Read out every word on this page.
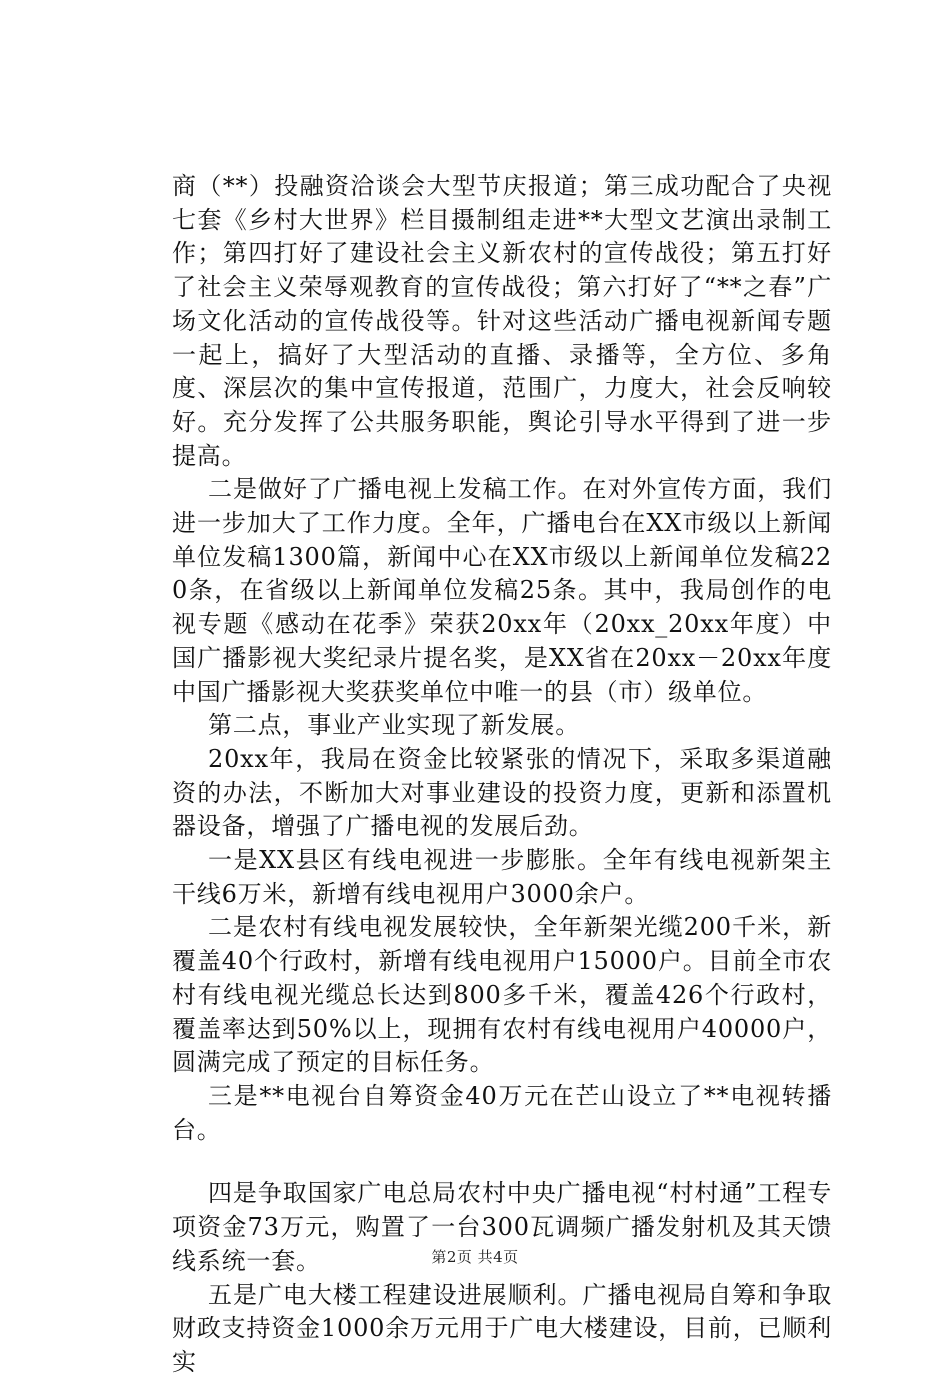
商（**）投融资洽谈会大型节庆报道；第三成功配合了央视七套《乡村大世界》栏目摄制组走进**大型文艺演出录制工作；第四打好了建设社会主义新农村的宣传战役；第五打好了社会主义荣辱观教育的宣传战役；第六打好了“**之春”广场文化活动的宣传战役等。针对这些活动广播电视新闻专题一起上，搞好了大型活动的直播、录播等，全方位、多角度、深层次的集中宣传报道，范围广，力度大，社会反响较好。充分发挥了公共服务职能，舆论引导水平得到了进一步提高。

二是做好了广播电视上发稿工作。在对外宣传方面，我们进一步加大了工作力度。全年，广播电台在XX市级以上新闻单位发稿1300篇，新闻中心在XX市级以上新闻单位发稿220条，在省级以上新闻单位发稿25条。其中，我局创作的电视专题《感动在花季》荣获20xx年（20xx_20xx年度）中国广播影视大奖纪录片提名奖，是XX省在20xx－20xx年度中国广播影视大奖获奖单位中唯一的县（市）级单位。

第二点，事业产业实现了新发展。

20xx年，我局在资金比较紧张的情况下，采取多渠道融资的办法，不断加大对事业建设的投资力度，更新和添置机器设备，增强了广播电视的发展后劲。

一是XX县区有线电视进一步膨胀。全年有线电视新架主干线6万米，新增有线电视用户3000余户。

二是农村有线电视发展较快，全年新架光缆200千米，新覆盖40个行政村，新增有线电视用户15000户。目前全市农村有线电视光缆总长达到800多千米，覆盖426个行政村，覆盖率达到50%以上，现拥有农村有线电视用户40000户，圆满完成了预定的目标任务。

三是**电视台自筹资金40万元在芒山设立了**电视转播台。

四是争取国家广电总局农村中央广播电视“村村通”工程专项资金73万元，购置了一台300瓦调频广播发射机及其天馈线系统一套。

五是广电大楼工程建设进展顺利。广播电视局自筹和争取财政支持资金1000余万元用于广电大楼建设，目前，已顺利实

第2页 共4页
